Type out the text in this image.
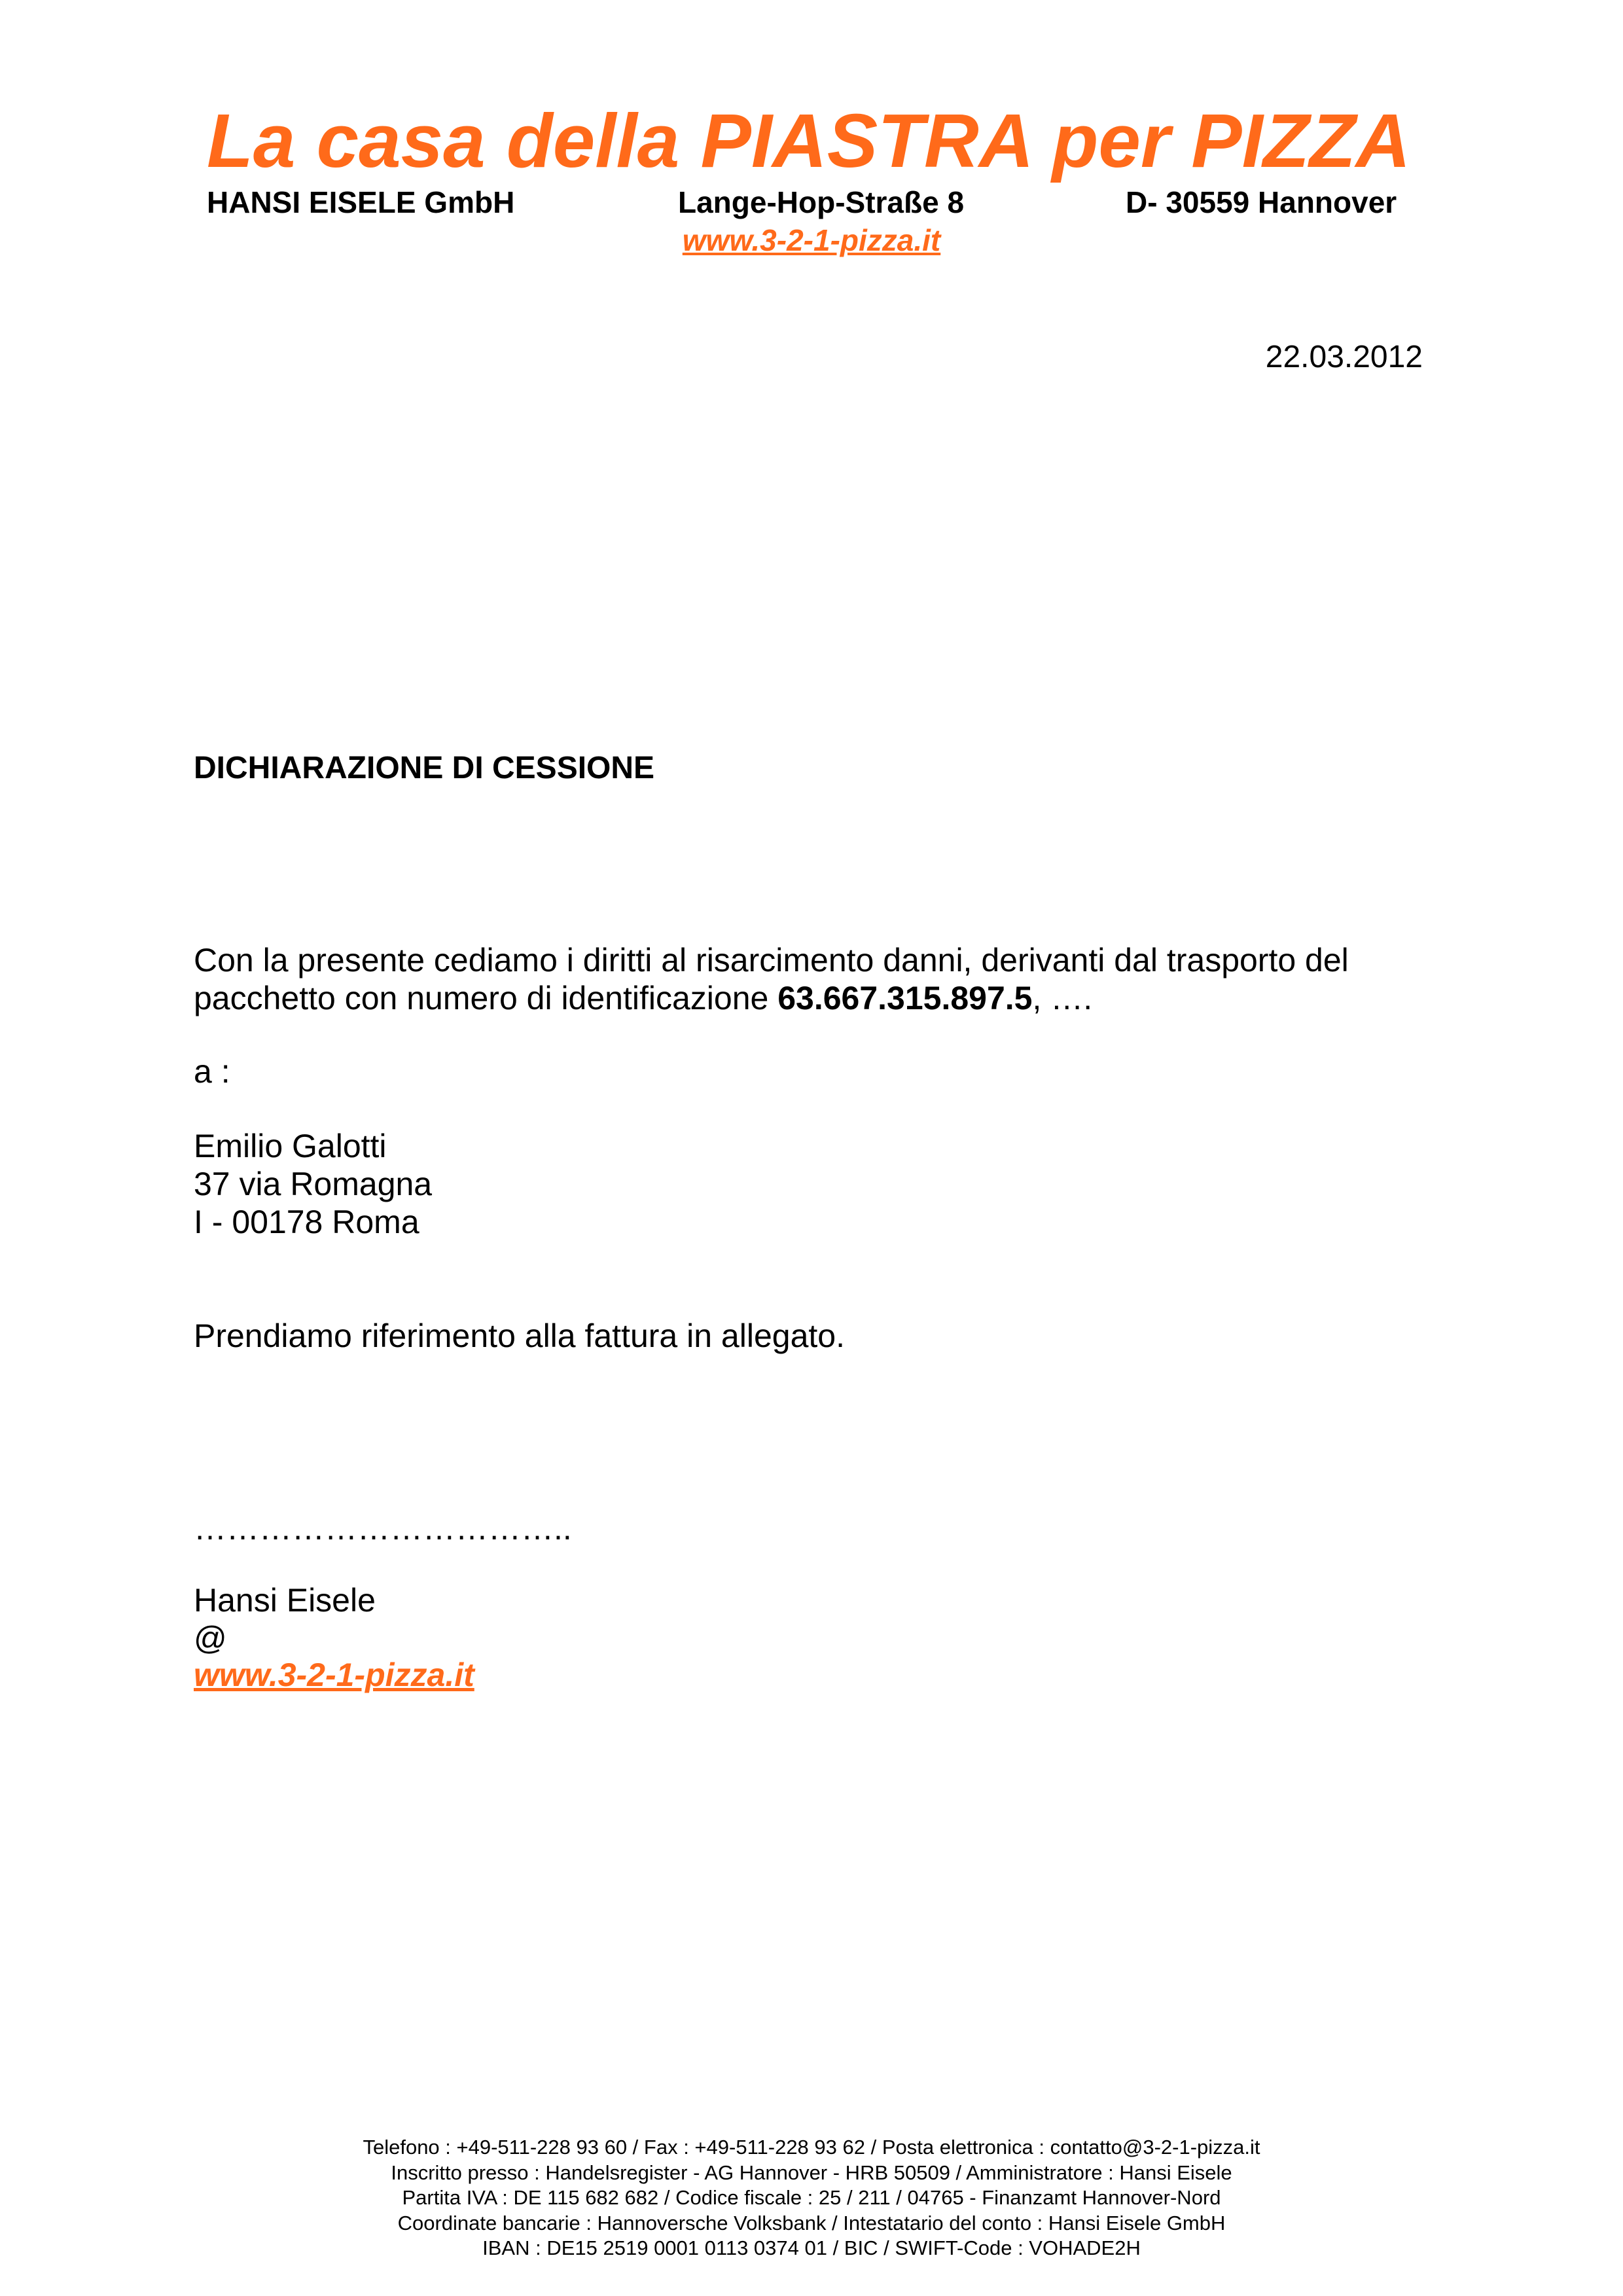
La casa della PIASTRA per PIZZA
HANSI EISELE GmbH	Lange-Hop-Straße 8	D- 30559 Hannover
www.3-2-1-pizza.it
22.03.2012
DICHIARAZIONE DI CESSIONE
Con la presente cediamo i diritti al risarcimento danni, derivanti dal trasporto del
pacchetto con numero di identificazione 63.667.315.897.5, ….
a :
Emilio Galotti
37 via Romagna
I - 00178 Roma
Prendiamo riferimento alla fattura in allegato.
……………………………..
Hansi Eisele
@
www.3-2-1-pizza.it
Telefono : +49-511-228 93 60 / Fax : +49-511-228 93 62 / Posta elettronica : contatto@3-2-1-pizza.it
Inscritto presso : Handelsregister - AG Hannover - HRB 50509 / Amministratore : Hansi Eisele
Partita IVA : DE 115 682 682 / Codice fiscale : 25 / 211 / 04765 - Finanzamt Hannover-Nord
Coordinate bancarie : Hannoversche Volksbank / Intestatario del conto : Hansi Eisele GmbH
IBAN : DE15 2519 0001 0113 0374 01 / BIC / SWIFT-Code : VOHADE2H
